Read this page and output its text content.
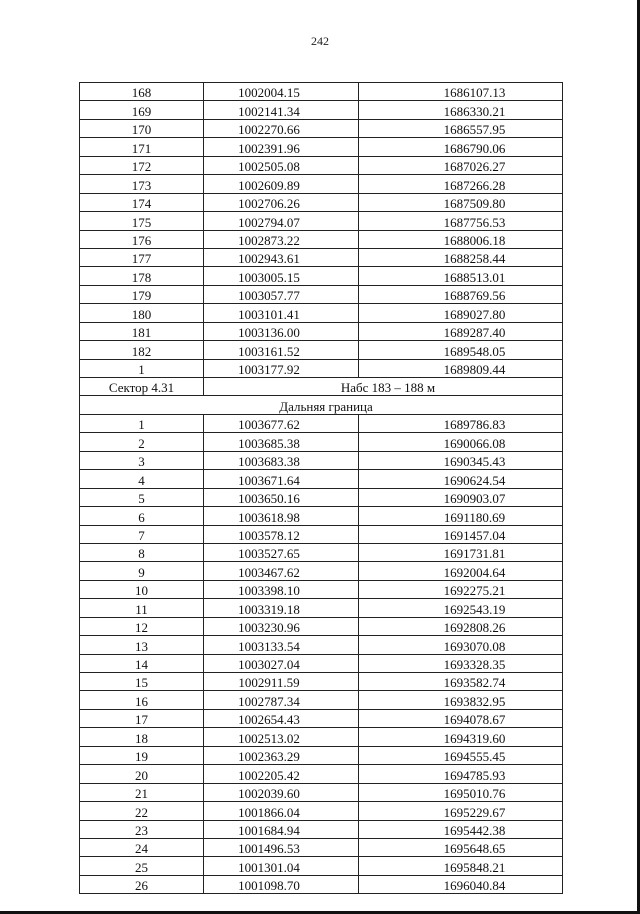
242
168	1002004.15	1686107.13
169	1002141.34	1686330.21
170	1002270.66	1686557.95
171	1002391.96	1686790.06
172	1002505.08	1687026.27
173	1002609.89	1687266.28
174	1002706.26	1687509.80
175	1002794.07	1687756.53
176	1002873.22	1688006.18
177	1002943.61	1688258.44
178	1003005.15	1688513.01
179	1003057.77	1688769.56
180	1003101.41	1689027.80
181	1003136.00	1689287.40
182	1003161.52	1689548.05
1	1003177.92	1689809.44
Сектор 4.31	Набс 183 – 188 м	
Дальняя граница		
1	1003677.62	1689786.83
2	1003685.38	1690066.08
3	1003683.38	1690345.43
4	1003671.64	1690624.54
5	1003650.16	1690903.07
6	1003618.98	1691180.69
7	1003578.12	1691457.04
8	1003527.65	1691731.81
9	1003467.62	1692004.64
10	1003398.10	1692275.21
11	1003319.18	1692543.19
12	1003230.96	1692808.26
13	1003133.54	1693070.08
14	1003027.04	1693328.35
15	1002911.59	1693582.74
16	1002787.34	1693832.95
17	1002654.43	1694078.67
18	1002513.02	1694319.60
19	1002363.29	1694555.45
20	1002205.42	1694785.93
21	1002039.60	1695010.76
22	1001866.04	1695229.67
23	1001684.94	1695442.38
24	1001496.53	1695648.65
25	1001301.04	1695848.21
26	1001098.70	1696040.84
